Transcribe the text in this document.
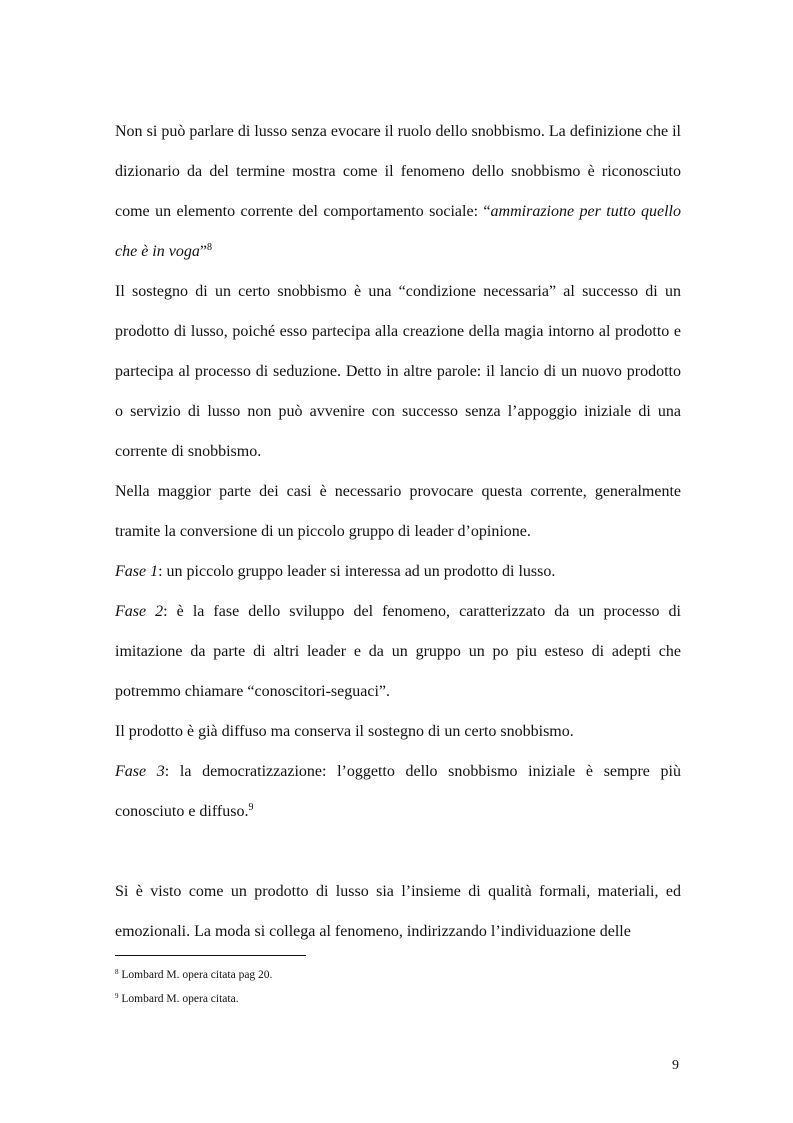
Non si può parlare di lusso senza evocare il ruolo dello snobbismo. La definizione che il dizionario da del termine mostra come il fenomeno dello snobbismo è riconosciuto come un elemento corrente del comportamento sociale: “ammirazione per tutto quello che è in voga”$^8$

Il sostegno di un certo snobbismo è una “condizione necessaria” al successo di un prodotto di lusso, poiché esso partecipa alla creazione della magia intorno al prodotto e partecipa al processo di seduzione. Detto in altre parole: il lancio di un nuovo prodotto o servizio di lusso non può avvenire con successo senza l’appoggio iniziale di una corrente di snobbismo.

Nella maggior parte dei casi è necessario provocare questa corrente, generalmente tramite la conversione di un piccolo gruppo di leader d’opinione.

Fase 1: un piccolo gruppo leader si interessa ad un prodotto di lusso.

Fase 2: è la fase dello sviluppo del fenomeno, caratterizzato da un processo di imitazione da parte di altri leader e da un gruppo un po piu esteso di adepti che potremmo chiamare “conoscitori-seguaci”.

Il prodotto è già diffuso ma conserva il sostegno di un certo snobbismo.

Fase 3: la democratizzazione: l’oggetto dello snobbismo iniziale è sempre più conosciuto e diffuso.$^9$

Si è visto come un prodotto di lusso sia l’insieme di qualità formali, materiali, ed emozionali. La moda si collega al fenomeno, indirizzando l’individuazione delle

$^8$ Lombard M. opera citata pag 20.

$^9$ Lombard M. opera citata.

9
